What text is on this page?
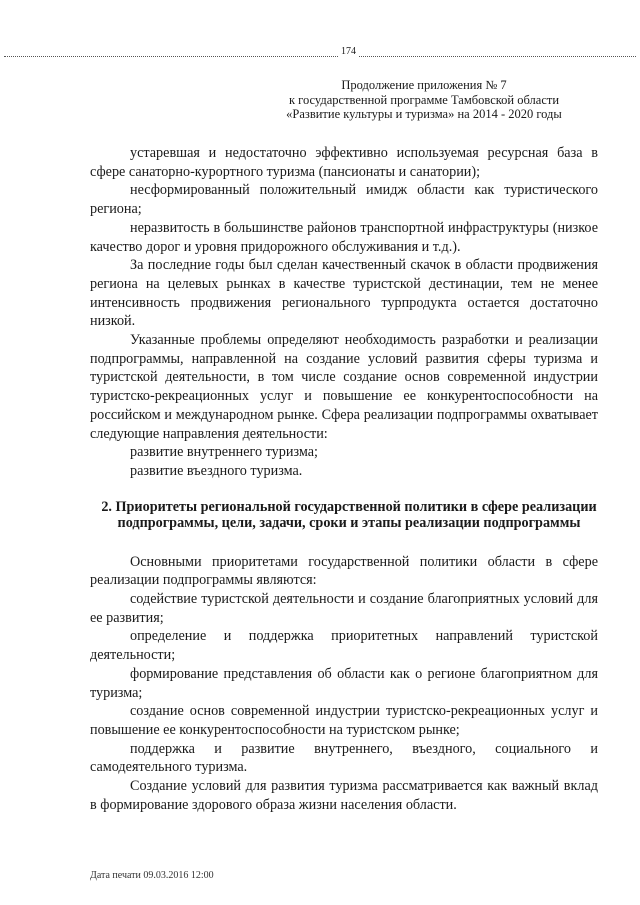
174
Продолжение приложения № 7
к государственной программе Тамбовской области
«Развитие культуры и туризма» на 2014 - 2020 годы

устаревшая и недостаточно эффективно используемая ресурсная база в сфере санаторно-курортного туризма (пансионаты и санатории);

несформированный положительный имидж области как туристического региона;

неразвитость в большинстве районов транспортной инфраструктуры (низкое качество дорог и уровня придорожного обслуживания и т.д.).

За последние годы был сделан качественный скачок в области продвижения региона на целевых рынках в качестве туристской дестинации, тем не менее интенсивность продвижения регионального турпродукта остается достаточно низкой.

Указанные проблемы определяют необходимость разработки и реализации подпрограммы, направленной на создание условий развития сферы туризма и туристской деятельности, в том числе создание основ современной индустрии туристско-рекреационных услуг и повышение ее конкурентоспособности на российском и международном рынке. Сфера реализации подпрограммы охватывает следующие направления деятельности:

развитие внутреннего туризма;

развитие въездного туризма.

2. Приоритеты региональной государственной политики в сфере реализации подпрограммы, цели, задачи, сроки и этапы реализации подпрограммы

Основными приоритетами государственной политики области в сфере реализации подпрограммы являются:

содействие туристской деятельности и создание благоприятных условий для ее развития;

определение и поддержка приоритетных направлений туристской деятельности;

формирование представления об области как о регионе благоприятном для туризма;

создание основ современной индустрии туристско-рекреационных услуг и повышение ее конкурентоспособности на туристском рынке;

поддержка и развитие внутреннего, въездного, социального и самодеятельного туризма.

Создание условий для развития туризма рассматривается как важный вклад в формирование здорового образа жизни населения области.

Дата печати 09.03.2016 12:00
